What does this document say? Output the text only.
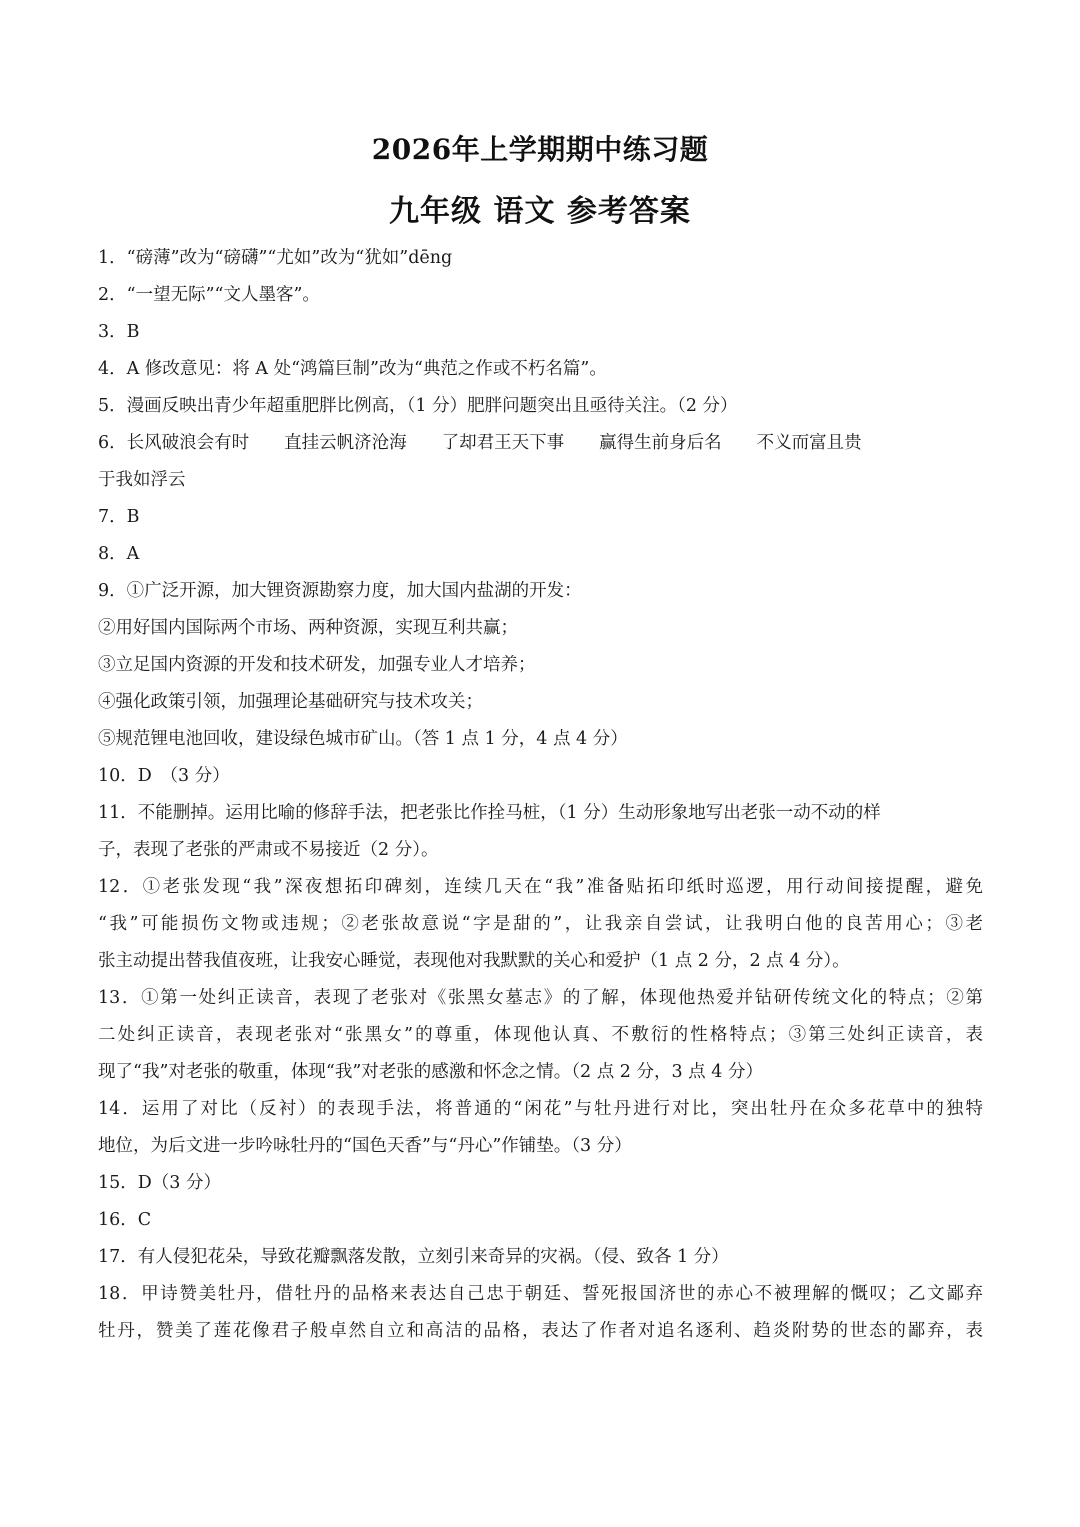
2026年上学期期中练习题
九年级 语文 参考答案
1．“磅薄”改为“磅礴”“尤如”改为“犹如”dēng
2．“一望无际”“文人墨客”。
3．B
4．A 修改意见：将 A 处“鸿篇巨制”改为“典范之作或不朽名篇”。
5．漫画反映出青少年超重肥胖比例高，（1 分）肥胖问题突出且亟待关注。（2 分）
6．长风破浪会有时　　直挂云帆济沧海　　了却君王天下事　　赢得生前身后名　　不义而富且贵
于我如浮云
7．B
8．A
9．①广泛开源，加大锂资源勘察力度，加大国内盐湖的开发：
②用好国内国际两个市场、两种资源，实现互利共赢；
③立足国内资源的开发和技术研发，加强专业人才培养；
④强化政策引领，加强理论基础研究与技术攻关；
⑤规范锂电池回收，建设绿色城市矿山。（答 1 点 1 分，4 点 4 分）
10．D　（3 分）
11．不能删掉。运用比喻的修辞手法，把老张比作拴马桩，（1 分）生动形象地写出老张一动不动的样
子，表现了老张的严肃或不易接近（2 分）。
12．①老张发现“我”深夜想拓印碑刻，连续几天在“我”准备贴拓印纸时巡逻，用行动间接提醒，避免
“我”可能损伤文物或违规；②老张故意说“字是甜的”，让我亲自尝试，让我明白他的良苦用心；③老
张主动提出替我值夜班，让我安心睡觉，表现他对我默默的关心和爱护（1 点 2 分，2 点 4 分）。
13．①第一处纠正读音，表现了老张对《张黑女墓志》的了解，体现他热爱并钻研传统文化的特点；②第
二处纠正读音，表现老张对“张黑女”的尊重，体现他认真、不敷衍的性格特点；③第三处纠正读音，表
现了“我”对老张的敬重，体现“我”对老张的感激和怀念之情。（2 点 2 分，3 点 4 分）
14．运用了对比（反衬）的表现手法，将普通的“闲花”与牡丹进行对比，突出牡丹在众多花草中的独特
地位，为后文进一步吟咏牡丹的“国色天香”与“丹心”作铺垫。（3 分）
15．D（3 分）
16．C
17．有人侵犯花朵，导致花瓣飘落发散，立刻引来奇异的灾祸。（侵、致各 1 分）
18．甲诗赞美牡丹，借牡丹的品格来表达自己忠于朝廷、誓死报国济世的赤心不被理解的慨叹；乙文鄙弃
牡丹，赞美了莲花像君子般卓然自立和高洁的品格，表达了作者对追名逐利、趋炎附势的世态的鄙弃，表
